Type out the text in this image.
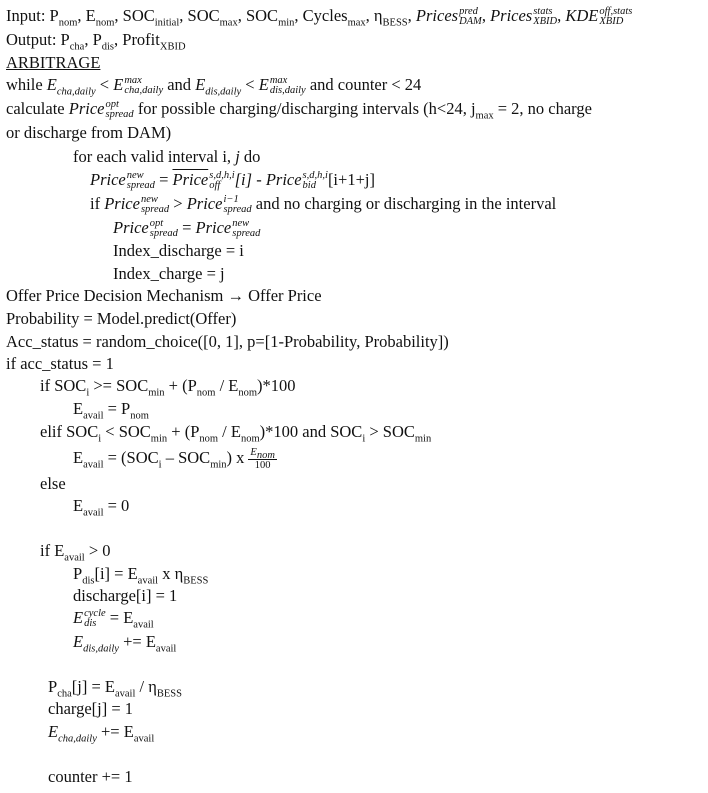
Input: $P_{nom}$, $E_{nom}$, $SOC_{initial}$, $SOC_{max}$, $SOC_{min}$, Cycles$_{max}$, $\eta_{BESS}$, Prices pred
DAM , Prices stats
XBID , KDE off,stats
XBID
Output: $P_{cha}$, $P_{dis}$, Profit$_{XBID}$
ARBITRAGE
while $E_{cha,daily} < E$ max
cha,daily and $E_{dis,daily} < E$ max
dis,daily and counter < 24
calculate Price opt
spread for possible charging/discharging intervals (h<24, $j_{max} = 2$, no charge
or discharge from DAM)
for each valid interval i, j do
Price new
spread = Price s,d,h,i
off [i] - Price s,d,h,i
bid [i+1+j]
if Price new
spread > Price i−1
spread and no charging or discharging in the interval
Price opt
spread = Price new
spread
Index_discharge = i
Index_charge = j
Offer Price Decision Mechanism → Offer Price
Probability = Model.predict(Offer)
Acc_status = random_choice([0, 1], p=[1-Probability, Probability])
if acc_status = 1
if $SOC_i >= SOC_{min} + (P_{nom} / E_{nom})*100$
$E_{avail} = P_{nom}$
elif $SOC_i < SOC_{min} + (P_{nom} / E_{nom})*100$ and $SOC_i > SOC_{min}$
$E_{avail} = (SOC_i - SOC_{min})$ x $\frac{E_{nom}}{100}$
else
$E_{avail} = 0$
if $E_{avail} > 0$
$P_{dis}[i] = E_{avail}$ x $\eta_{BESS}$
discharge[i] = 1
E cycle
dis = $E_{avail}$
$E_{dis,daily} += E_{avail}$
$P_{cha}[j] = E_{avail} / \eta_{BESS}$
charge[j] = 1
$E_{cha,daily} += E_{avail}$
counter += 1
